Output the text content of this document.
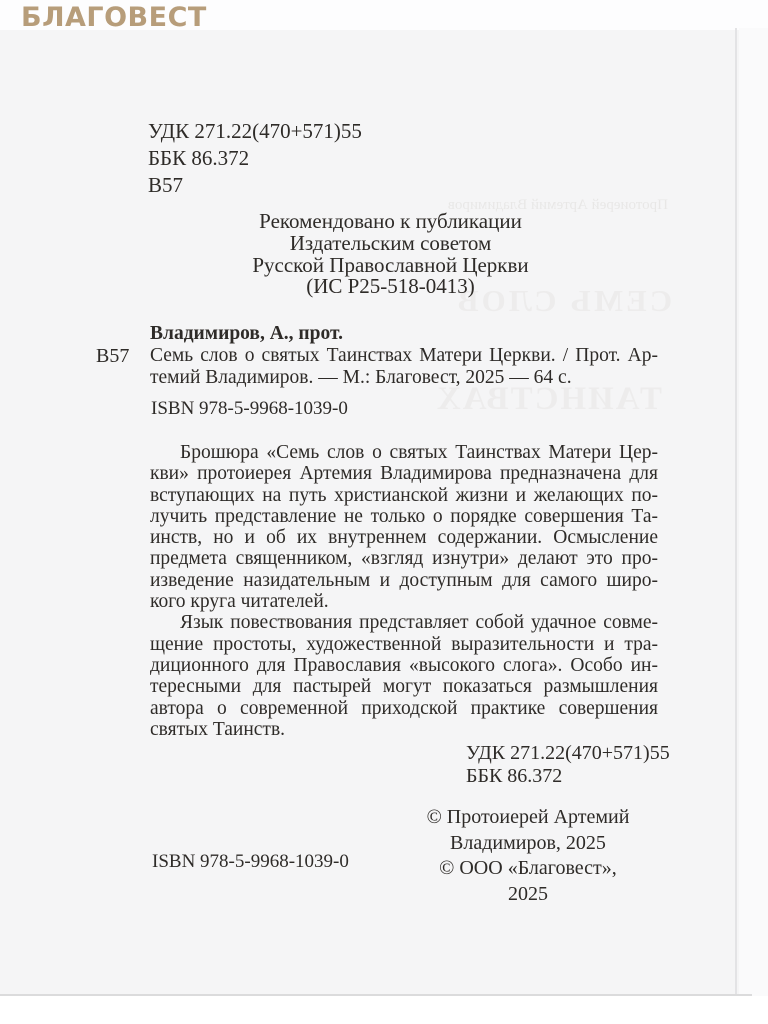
БЛАГОВЕСТ
Протоиерей Артемий Владимиров
СЕМЬ СЛОВ
ТАИНСТВАХ
УДК 271.22(470+571)55
ББК 86.372
В57
Рекомендовано к публикации
Издательским советом
Русской Православной Церкви
(ИС Р25-518-0413)
Владимиров, А., прот.
В57 Семь слов о святых Таинствах Матери Церкви. / Прот. Ар-
темий Владимиров. — М.: Благовест, 2025 — 64 с.
ISBN 978-5-9968-1039-0
Брошюра «Семь слов о святых Таинствах Матери Цер-
кви» протоиерея Артемия Владимирова предназначена для
вступающих на путь христианской жизни и желающих по-
лучить представление не только о порядке совершения Та-
инств, но и об их внутреннем содержании. Осмысление
предмета священником, «взгляд изнутри» делают это про-
изведение назидательным и доступным для самого широ-
кого круга читателей.
Язык повествования представляет собой удачное совме-
щение простоты, художественной выразительности и тра-
диционного для Православия «высокого слога». Особо ин-
тересными для пастырей могут показаться размышления
автора о современной приходской практике совершения
святых Таинств.
УДК 271.22(470+571)55
ББК 86.372
© Протоиерей Артемий
Владимиров, 2025
© ООО «Благовест», 2025
ISBN 978-5-9968-1039-0
